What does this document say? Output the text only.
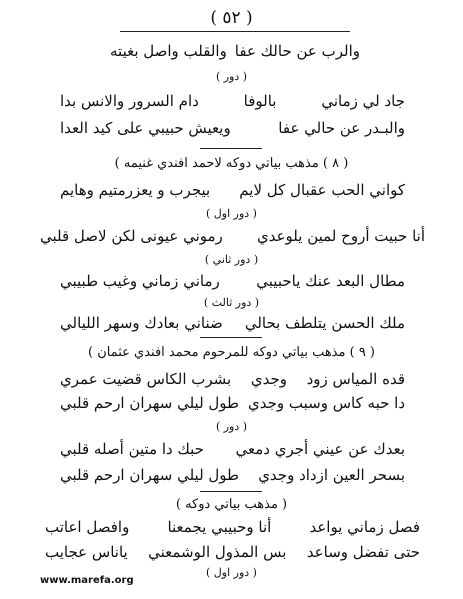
( ٥٢ )
والرب عن حالك عفا
والقلب واصل بغيته
( دور )
جاد لي زماني
بالوفا
دام السرور والانس بدا
والبـدر عن حالي عفا
ويعيش حبيبي على كيد العدا
( ٨ ) مذهب بياتي دوكه لاحمد افندي غنيمه )
كواني الحب عقبال كل لايم
بيجرب و يعزرمتيم وهايم
( دور اول )
أنا حبيت أروح لمين يلوعدي
رموني عيونى لكن لاصل قلبي
( دور ثاني )
مطال البعد عنك ياحبيبي
رماني زماني وغيب طبيبي
( دور ثالث )
ملك الحسن يتلطف بحالي
ضناني بعادك وسهر الليالي
( ٩ ) مذهب بياتي دوكه للمرحوم محمد افندي عثمان )
قده المياس زود
وجدي
بشرب الكاس قضيت عمري
دا حبه كاس وسبب وجدي
طول ليلي سهران ارحم قلبي
( دور )
بعدك عن عيني أجري دمعي
حبك دا متين أصله قلبي
بسحر العين ازداد وجدي
طول ليلي سهران ارحم قلبي
( مذهب بياتي دوكه )
فصل زماني يواعد
أنا وحبيبي يجمعنا
وافصل اعاتب
حتى تفضل وساعد
بس المذول الوشمعني
ياناس عجايب
( دور اول )
www.marefa.org
